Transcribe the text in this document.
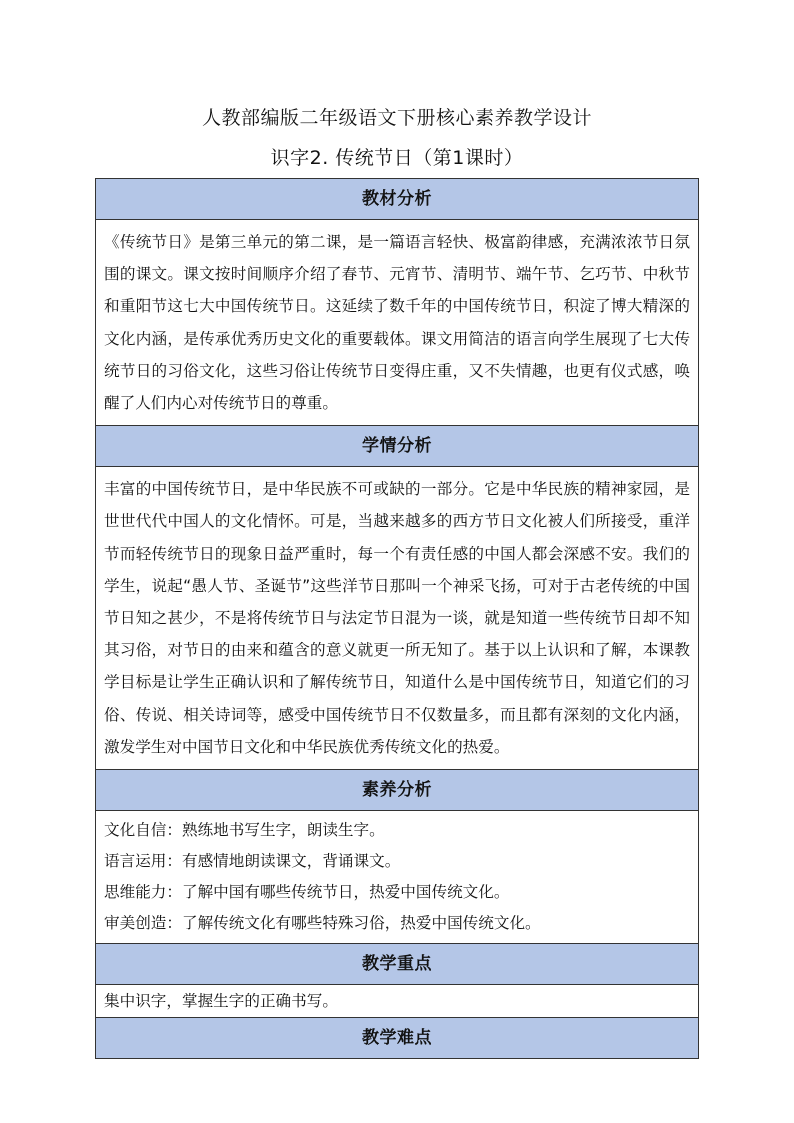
人教部编版二年级语文下册核心素养教学设计
识字2. 传统节日（第1课时）
教材分析
《传统节日》是第三单元的第二课，是一篇语言轻快、极富韵律感，充满浓浓节日氛围的课文。课文按时间顺序介绍了春节、元宵节、清明节、端午节、乞巧节、中秋节和重阳节这七大中国传统节日。这延续了数千年的中国传统节日，积淀了博大精深的文化内涵，是传承优秀历史文化的重要载体。课文用简洁的语言向学生展现了七大传统节日的习俗文化，这些习俗让传统节日变得庄重，又不失情趣，也更有仪式感，唤醒了人们内心对传统节日的尊重。
学情分析
丰富的中国传统节日，是中华民族不可或缺的一部分。它是中华民族的精神家园，是世世代代中国人的文化情怀。可是，当越来越多的西方节日文化被人们所接受，重洋节而轻传统节日的现象日益严重时，每一个有责任感的中国人都会深感不安。我们的学生，说起“愚人节、圣诞节”这些洋节日那叫一个神采飞扬，可对于古老传统的中国节日知之甚少，不是将传统节日与法定节日混为一谈，就是知道一些传统节日却不知其习俗，对节日的由来和蕴含的意义就更一所无知了。基于以上认识和了解，本课教学目标是让学生正确认识和了解传统节日，知道什么是中国传统节日，知道它们的习俗、传说、相关诗词等，感受中国传统节日不仅数量多，而且都有深刻的文化内涵，激发学生对中国节日文化和中华民族优秀传统文化的热爱。
素养分析
文化自信：熟练地书写生字，朗读生字。
语言运用：有感情地朗读课文，背诵课文。
思维能力：了解中国有哪些传统节日，热爱中国传统文化。
审美创造：了解传统文化有哪些特殊习俗，热爱中国传统文化。
教学重点
集中识字，掌握生字的正确书写。
教学难点
